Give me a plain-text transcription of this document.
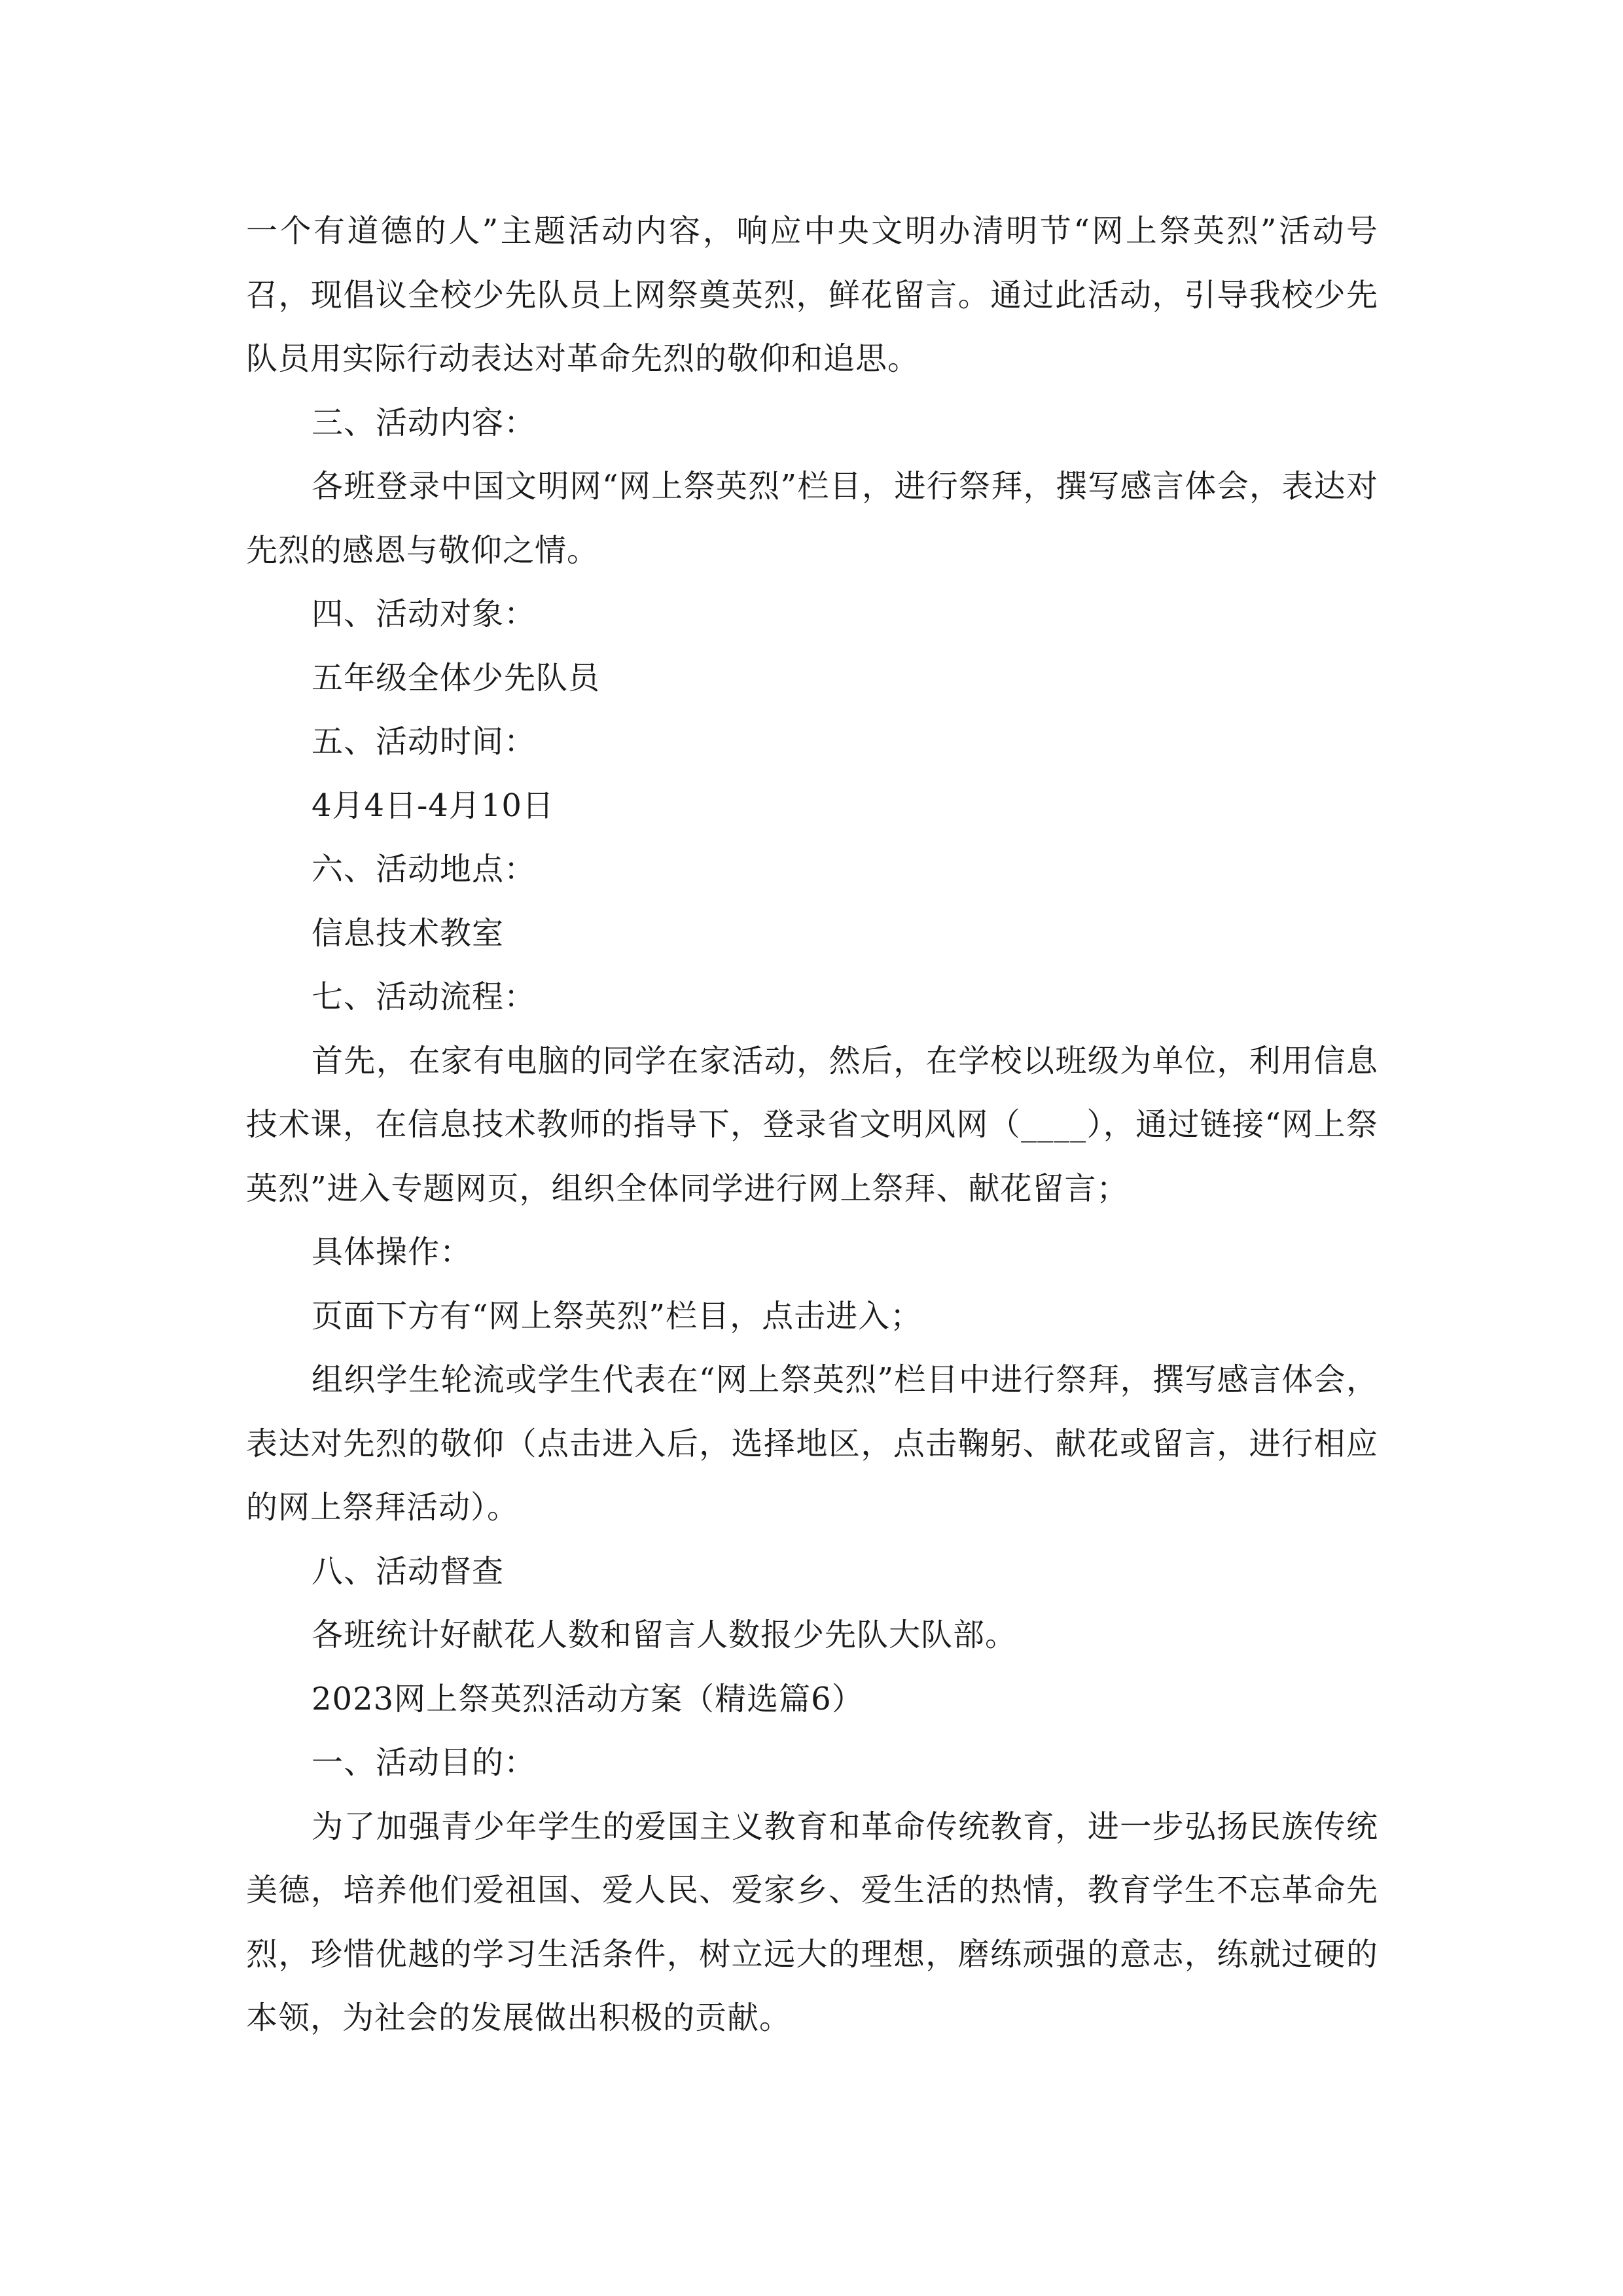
一个有道德的人”主题活动内容，响应中央文明办清明节“网上祭英烈”活动号召，现倡议全校少先队员上网祭奠英烈，鲜花留言。通过此活动，引导我校少先队员用实际行动表达对革命先烈的敬仰和追思。

三、活动内容：

各班登录中国文明网“网上祭英烈”栏目，进行祭拜，撰写感言体会，表达对先烈的感恩与敬仰之情。

四、活动对象：

五年级全体少先队员

五、活动时间：

4月4日-4月10日

六、活动地点：

信息技术教室

七、活动流程：

首先，在家有电脑的同学在家活动，然后，在学校以班级为单位，利用信息技术课，在信息技术教师的指导下，登录省文明风网（____），通过链接“网上祭英烈”进入专题网页，组织全体同学进行网上祭拜、献花留言；

具体操作：

页面下方有“网上祭英烈”栏目，点击进入；

组织学生轮流或学生代表在“网上祭英烈”栏目中进行祭拜，撰写感言体会，表达对先烈的敬仰（点击进入后，选择地区，点击鞠躬、献花或留言，进行相应的网上祭拜活动）。

八、活动督查

各班统计好献花人数和留言人数报少先队大队部。

2023网上祭英烈活动方案（精选篇6）

一、活动目的：

为了加强青少年学生的爱国主义教育和革命传统教育，进一步弘扬民族传统美德，培养他们爱祖国、爱人民、爱家乡、爱生活的热情，教育学生不忘革命先烈，珍惜优越的学习生活条件，树立远大的理想，磨练顽强的意志，练就过硬的本领，为社会的发展做出积极的贡献。
